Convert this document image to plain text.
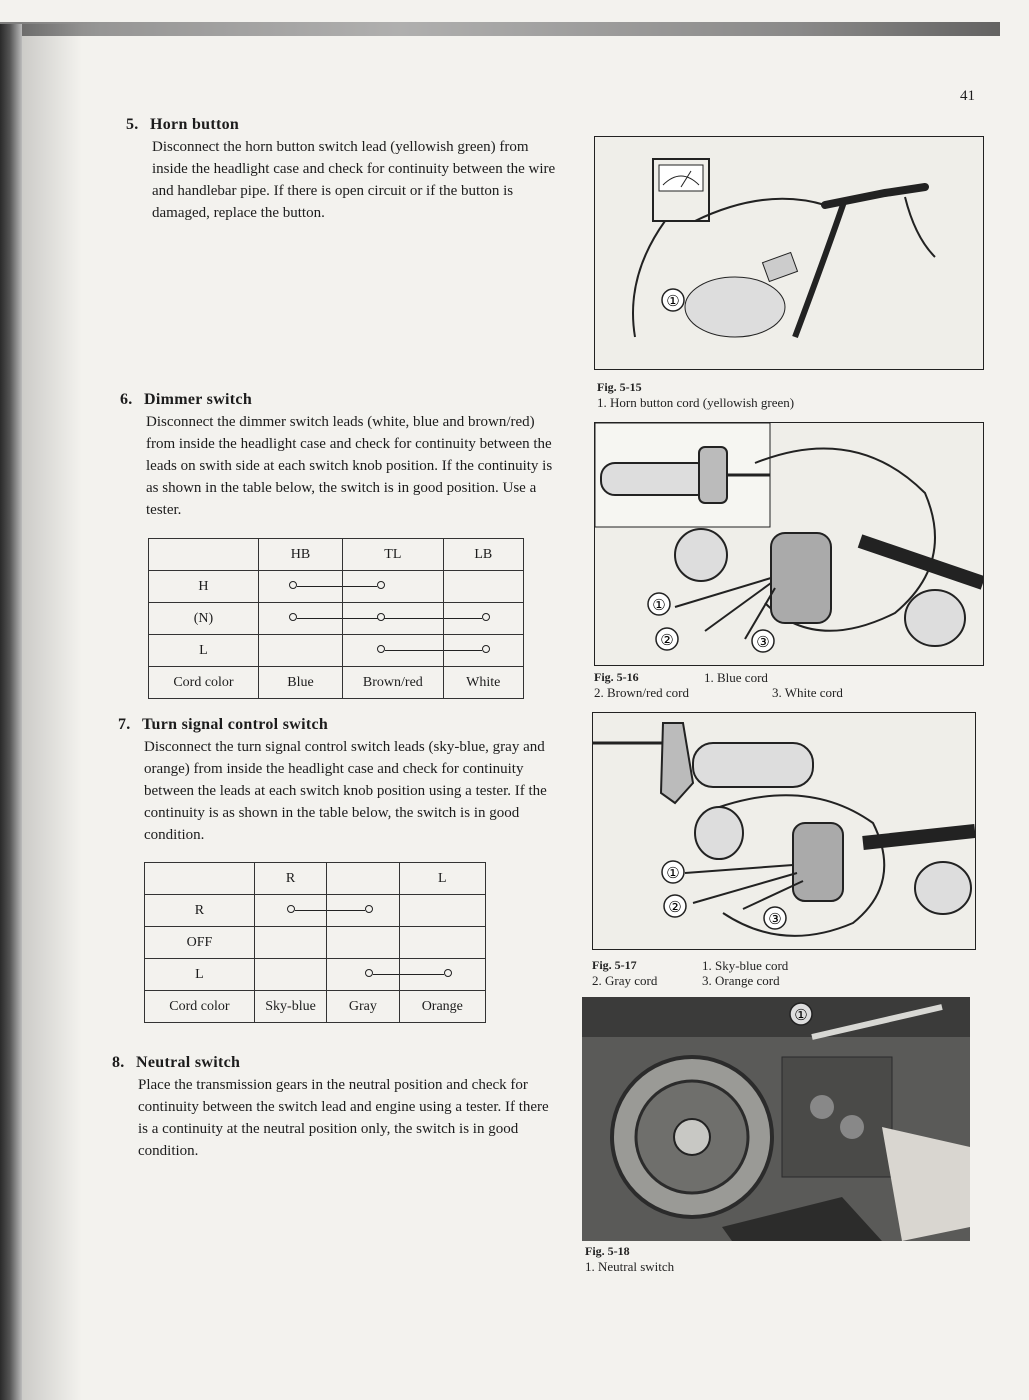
41
5. Horn button
Disconnect the horn button switch lead (yellowish green) from inside the headlight case and check for continuity between the wire and handlebar pipe. If there is open circuit or if the button is damaged, replace the button.
6. Dimmer switch
Disconnect the dimmer switch leads (white, blue and brown/red) from inside the headlight case and check for continuity between the leads on swith side at each switch knob position. If the continuity is as shown in the table below, the switch is in good position. Use a tester.
	HB	TL	LB
H	

(N)	

L		

Cord color	Blue	Brown/red	White
7. Turn signal control switch
Disconnect the turn signal control switch leads (sky-blue, gray and orange) from inside the headlight case and check for continuity between the leads at each switch knob position using a tester. If the continuity is as shown in the table below, the switch is in good condition.
	R		L
R	

OFF			
L		

Cord color	Sky-blue	Gray	Orange
8. Neutral switch
Place the transmission gears in the neutral position and check for continuity between the switch lead and engine using a tester. If there is a continuity at the neutral position only, the switch is in good condition.
①
Fig. 5-15
1. Horn button cord (yellowish green)
①
②	③
Fig. 5-16	1. Blue cord
2. Brown/red cord	3. White cord
①
②
③
Fig. 5-17	1. Sky-blue cord
2. Gray cord	3. Orange cord
①
Fig. 5-18
1. Neutral switch
